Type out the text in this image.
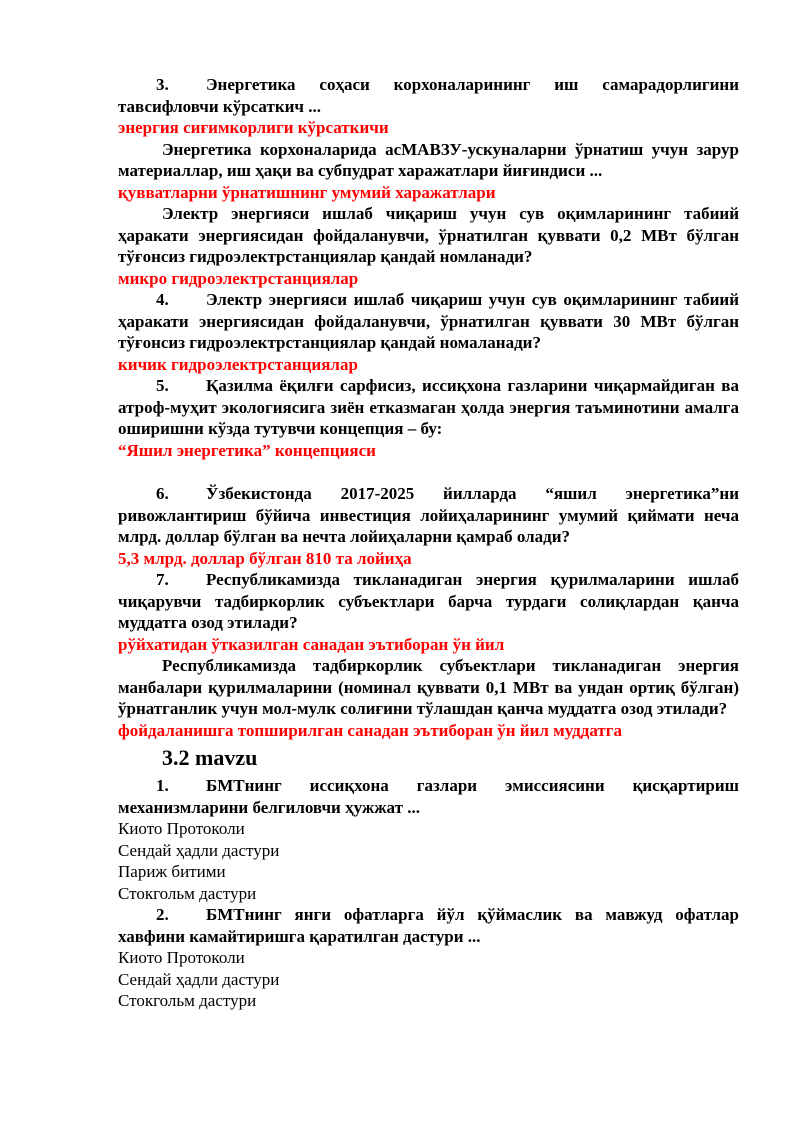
3. Энергетика соҳаси корхоналарининг иш самарадорлигини тавсифловчи кўрсаткич ...
энергия сиғимкорлиги кўрсаткичи
Энергетика корхоналарида асМАВЗУ-ускуналарни ўрнатиш учун зарур материаллар, иш ҳақи ва субпудрат харажатлари йиғиндиси ...
қувватларни ўрнатишнинг умумий харажатлари
Электр энергияси ишлаб чиқариш учун сув оқимларининг табиий ҳаракати энергиясидан фойдаланувчи, ўрнатилган қуввати 0,2 МВт бўлган тўғонсиз гидроэлектрстанциялар қандай номланади?
микро гидроэлектрстанциялар
4. Электр энергияси ишлаб чиқариш учун сув оқимларининг табиий ҳаракати энергиясидан фойдаланувчи, ўрнатилган қуввати 30 МВт бўлган тўғонсиз гидроэлектрстанциялар қандай номаланади?
кичик гидроэлектрстанциялар
5. Қазилма ёқилғи сарфисиз, иссиқхона газларини чиқармайдиган ва атроф-муҳит экологиясига зиён етказмаган ҳолда энергия таъминотини амалга оширишни кўзда тутувчи концепция – бу:
“Яшил энергетика” концепцияси
6. Ўзбекистонда 2017-2025 йилларда “яшил энергетика”ни ривожлантириш бўйича инвестиция лойиҳаларининг умумий қиймати неча млрд. доллар бўлган ва нечта лойиҳаларни қамраб олади?
5,3 млрд. доллар бўлган 810 та лойиҳа
7. Республикамизда тикланадиган энергия қурилмаларини ишлаб чиқарувчи тадбиркорлик субъектлари барча турдаги солиқлардан қанча муддатга озод этилади?
рўйхатидан ўтказилган санадан эътиборан ўн йил
Республикамизда тадбиркорлик субъектлари тикланадиган энергия манбалари қурилмаларини (номинал қуввати 0,1 МВт ва ундан ортиқ бўлган) ўрнатганлик учун мол-мулк солиғини тўлашдан қанча муддатга озод этилади?
фойдаланишга топширилган санадан эътиборан ўн йил муддатга
3.2 mavzu
1. БМТнинг иссиқхона газлари эмиссиясини қисқартириш механизмларини белгиловчи ҳужжат ...
Киото Протоколи
Сендай ҳадли дастури
Париж битими
Стокгольм дастури
2. БМТнинг янги офатларга йўл қўймаслик ва мавжуд офатлар хавфини камайтиришга қаратилган дастури ...
Киото Протоколи
Сендай ҳадли дастури
Стокгольм дастури
